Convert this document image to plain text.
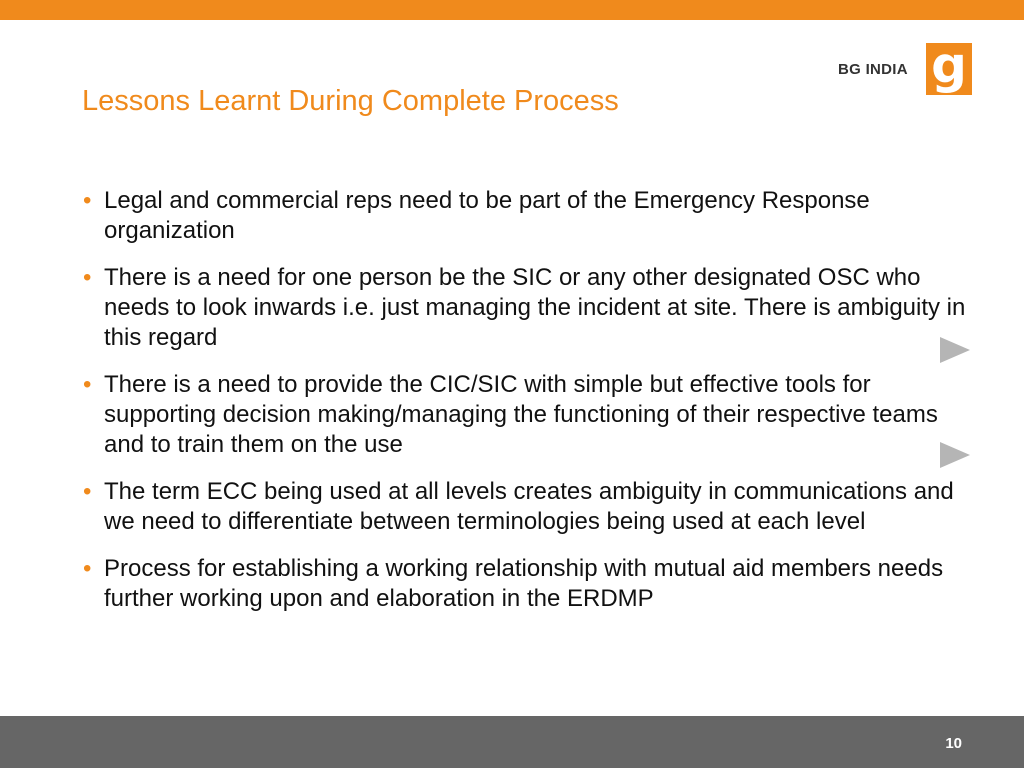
BG INDIA g
Lessons Learnt During Complete Process
• Legal and commercial reps need to be part of the Emergency Response organization
• There is a need for one person be the SIC or any other designated OSC who needs to look inwards i.e. just managing the incident at site. There is ambiguity in this regard
• There is a need to provide the CIC/SIC with simple but effective tools for supporting decision making/managing the functioning of their respective teams and to train them on the use
• The term ECC being used at all levels creates ambiguity in communications and we need to differentiate between terminologies being used at each level
• Process for establishing a working relationship with mutual aid members needs further working upon and elaboration in the ERDMP
10
